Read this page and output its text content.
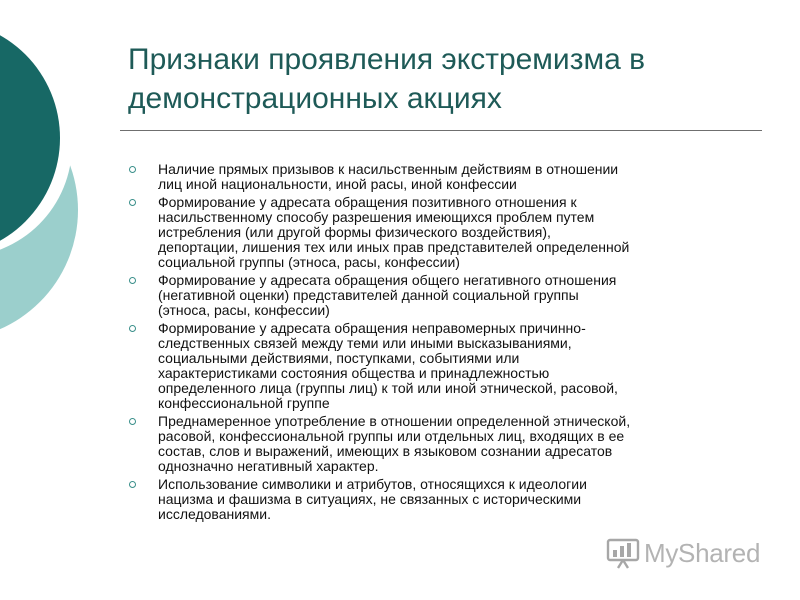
Признаки проявления экстремизма в
демонстрационных акциях
Наличие прямых призывов к насильственным действиям в отношении
лиц иной национальности, иной расы, иной конфессии
Формирование у адресата обращения позитивного отношения к
насильственному способу разрешения имеющихся проблем путем
истребления (или другой формы физического воздействия),
депортации, лишения тех или иных прав представителей определенной
социальной группы (этноса, расы, конфессии)
Формирование у адресата обращения общего негативного отношения
(негативной оценки) представителей данной социальной группы
(этноса, расы, конфессии)
Формирование у адресата обращения неправомерных причинно-
следственных связей между теми или иными высказываниями,
социальными действиями, поступками, событиями или
характеристиками состояния общества и принадлежностью
определенного лица (группы лиц) к той или иной этнической, расовой,
конфессиональной группе
Преднамеренное употребление в отношении определенной этнической,
расовой, конфессиональной группы или отдельных лиц, входящих в ее
состав, слов и выражений, имеющих в языковом сознании адресатов
однозначно негативный характер.
Использование символики и атрибутов, относящихся к идеологии
нацизма и фашизма в ситуациях, не связанных с историческими
исследованиями.
MyShared
